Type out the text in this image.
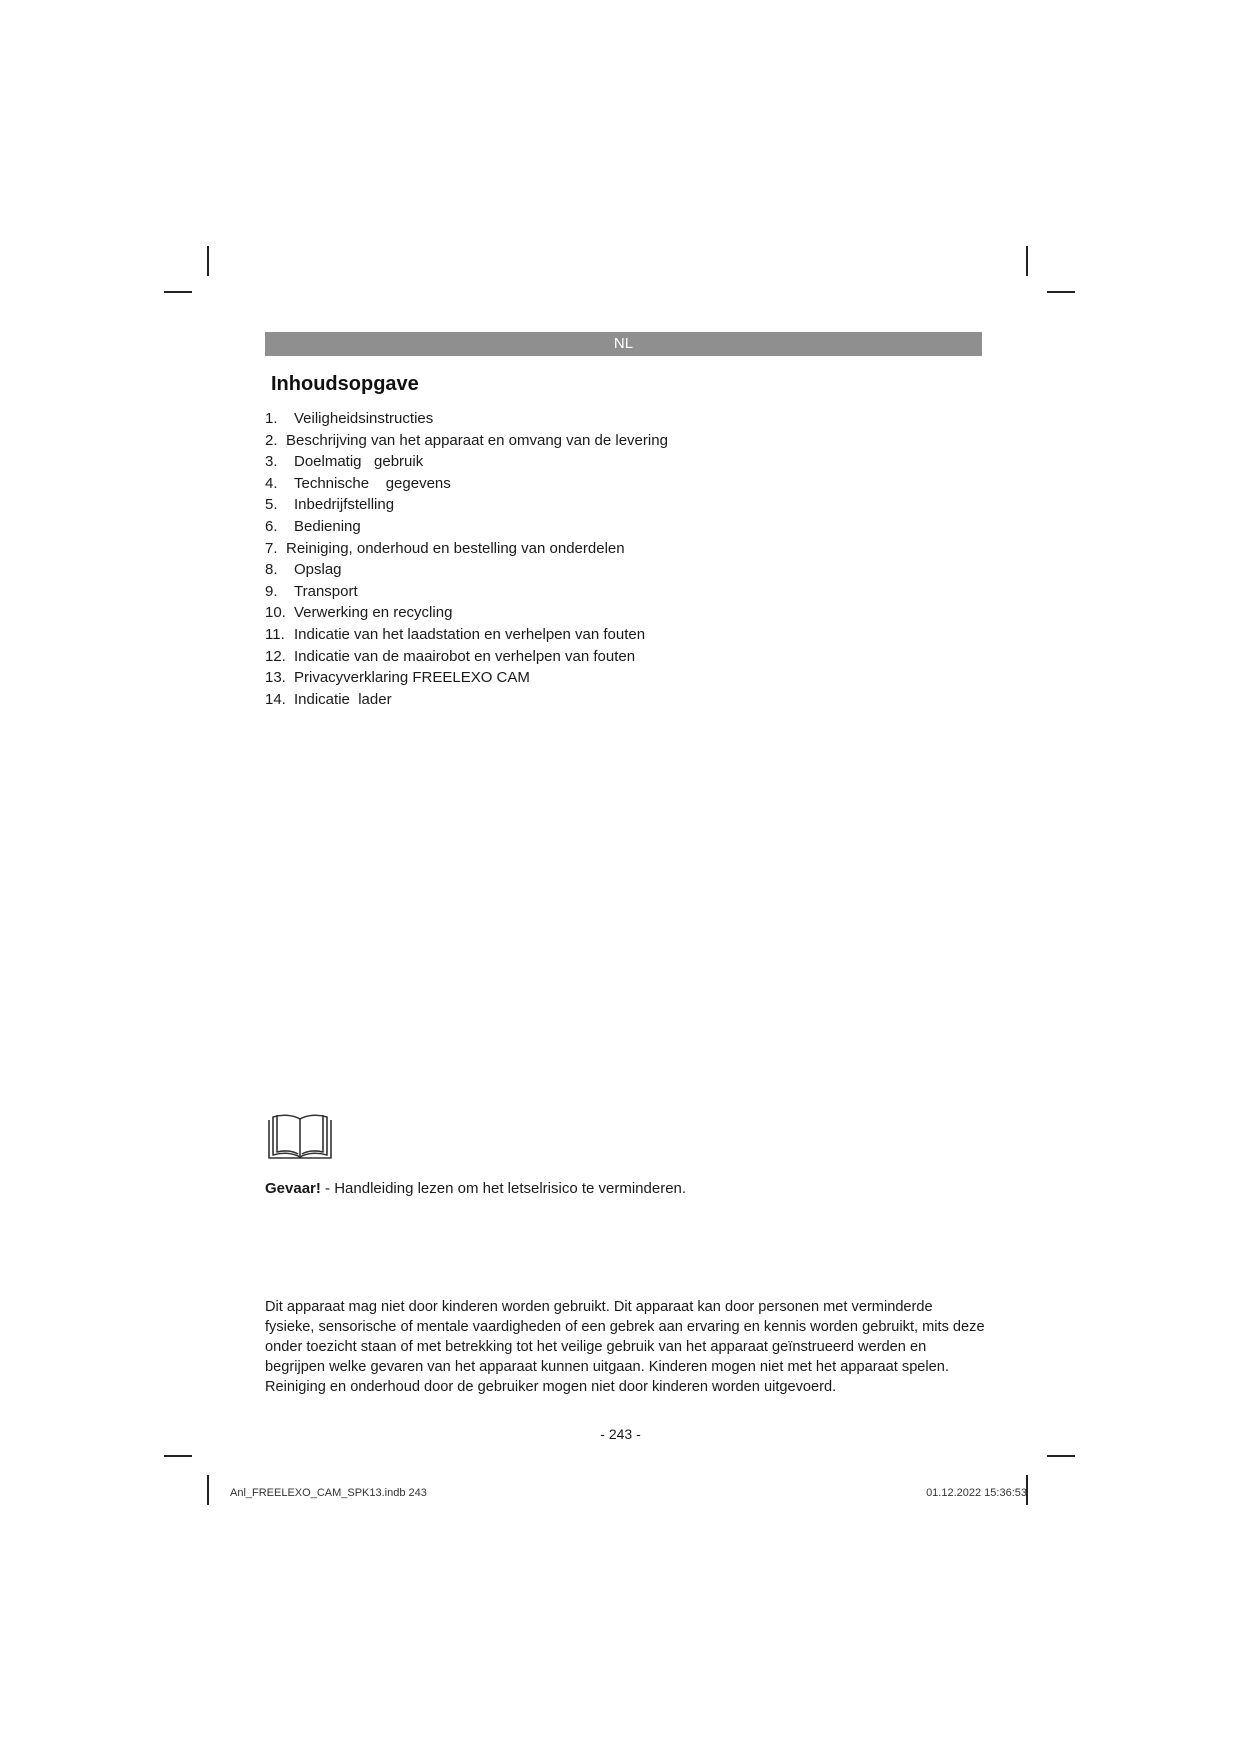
NL
Inhoudsopgave
1. Veiligheidsinstructies
2. Beschrijving van het apparaat en omvang van de levering
3. Doelmatig   gebruik
4. Technische    gegevens
5. Inbedrijfstelling
6. Bediening
7. Reiniging, onderhoud en bestelling van onderdelen
8. Opslag
9. Transport
10. Verwerking en recycling
11. Indicatie van het laadstation en verhelpen van fouten
12. Indicatie van de maairobot en verhelpen van fouten
13. Privacyverklaring FREELEXO CAM
14. Indicatie  lader

Gevaar! - Handleiding lezen om het letselrisico te verminderen.

Dit apparaat mag niet door kinderen worden gebruikt. Dit apparaat kan door personen met verminderde fysieke, sensorische of mentale vaardigheden of een gebrek aan ervaring en kennis worden gebruikt, mits deze onder toezicht staan of met betrekking tot het veilige gebruik van het apparaat geïnstrueerd werden en begrijpen welke gevaren van het apparaat kunnen uitgaan. Kinderen mogen niet met het apparaat spelen.

Reiniging en onderhoud door de gebruiker mogen niet door kinderen worden uitgevoerd.

- 243 -
Anl_FREELEXO_CAM_SPK13.indb 243	01.12.2022 15:36:53
